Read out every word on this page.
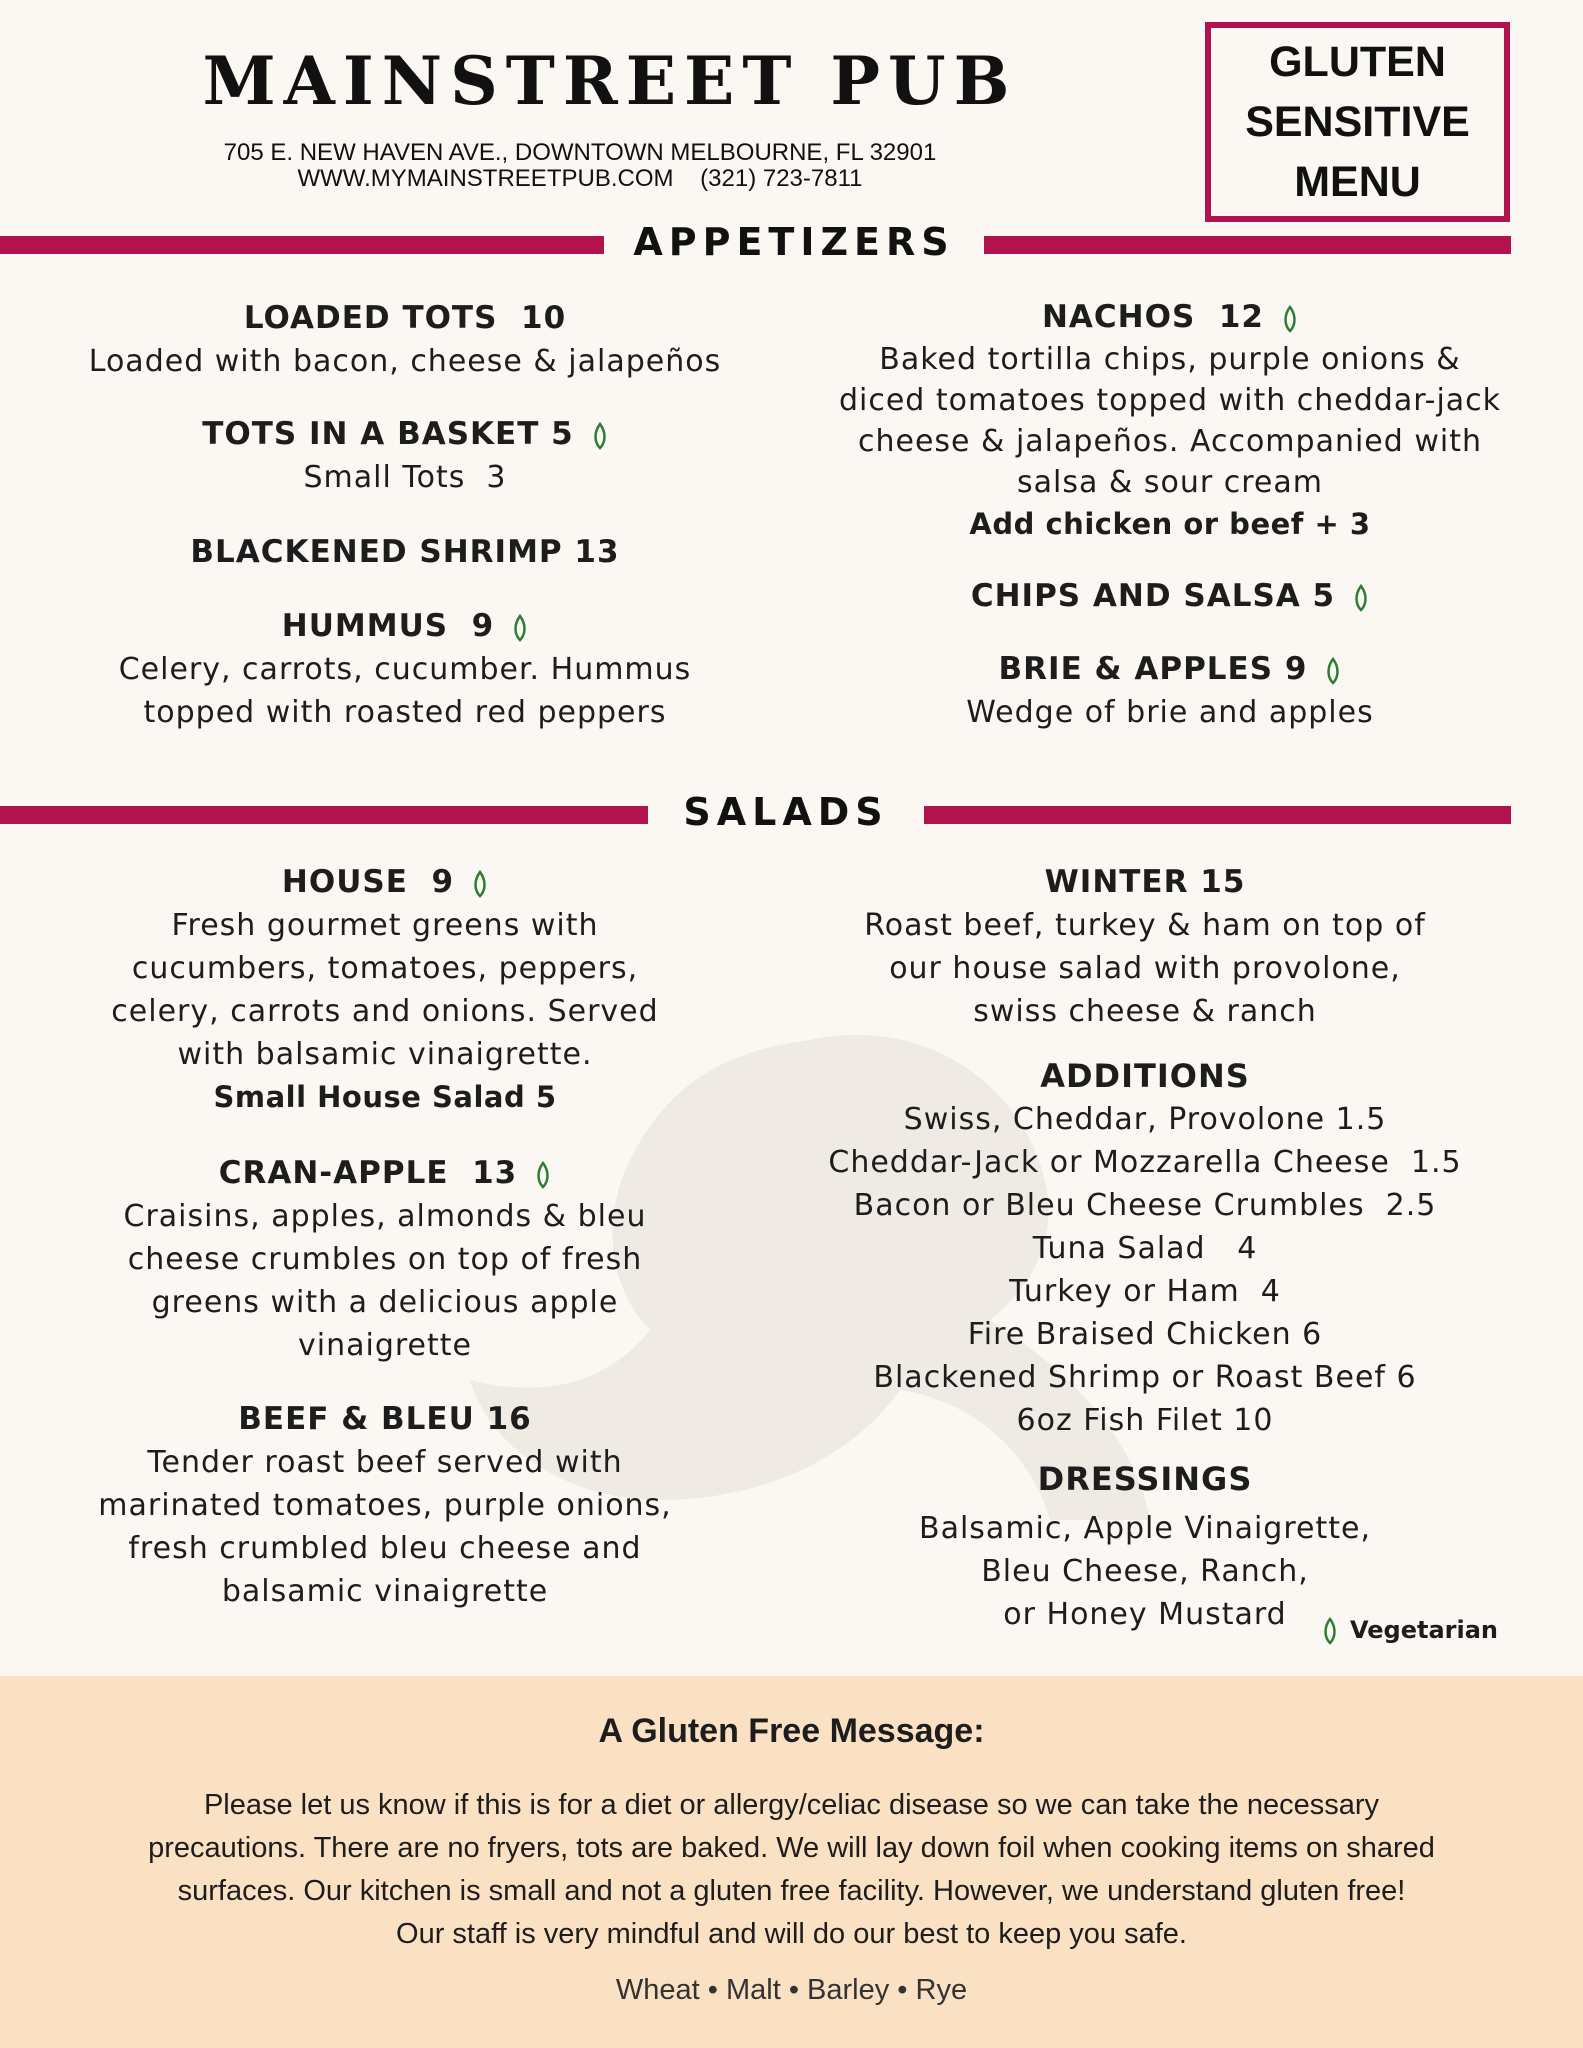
MAINSTREET PUB
705 E. NEW HAVEN AVE., DOWNTOWN MELBOURNE, FL 32901
WWW.MYMAINSTREETPUB.COM    (321) 723-7811
GLUTEN
SENSITIVE
MENU
APPETIZERS
LOADED TOTS  10
Loaded with bacon, cheese & jalapeños
TOTS IN A BASKET 5
Small Tots  3
BLACKENED SHRIMP 13
HUMMUS  9
Celery, carrots, cucumber. Hummus
topped with roasted red peppers
NACHOS  12
Baked tortilla chips, purple onions &
diced tomatoes topped with cheddar-jack
cheese & jalapeños. Accompanied with
salsa & sour cream
Add chicken or beef + 3
CHIPS AND SALSA 5
BRIE & APPLES 9
Wedge of brie and apples
SALADS
HOUSE  9
Fresh gourmet greens with
cucumbers, tomatoes, peppers,
celery, carrots and onions. Served
with balsamic vinaigrette.
Small House Salad 5
CRAN-APPLE  13
Craisins, apples, almonds & bleu
cheese crumbles on top of fresh
greens with a delicious apple
vinaigrette
BEEF & BLEU 16
Tender roast beef served with
marinated tomatoes, purple onions,
fresh crumbled bleu cheese and
balsamic vinaigrette
WINTER 15
Roast beef, turkey & ham on top of
our house salad with provolone,
swiss cheese & ranch
ADDITIONS
Swiss, Cheddar, Provolone 1.5
Cheddar-Jack or Mozzarella Cheese  1.5
Bacon or Bleu Cheese Crumbles  2.5
Tuna Salad   4
Turkey or Ham  4
Fire Braised Chicken 6
Blackened Shrimp or Roast Beef 6
6oz Fish Filet 10
DRESSINGS
Balsamic, Apple Vinaigrette,
Bleu Cheese, Ranch,
or Honey Mustard	Vegetarian
A Gluten Free Message:
Please let us know if this is for a diet or allergy/celiac disease so we can take the necessary
precautions. There are no fryers, tots are baked. We will lay down foil when cooking items on shared
surfaces. Our kitchen is small and not a gluten free facility. However, we understand gluten free!
Our staff is very mindful and will do our best to keep you safe.
Wheat • Malt • Barley • Rye
